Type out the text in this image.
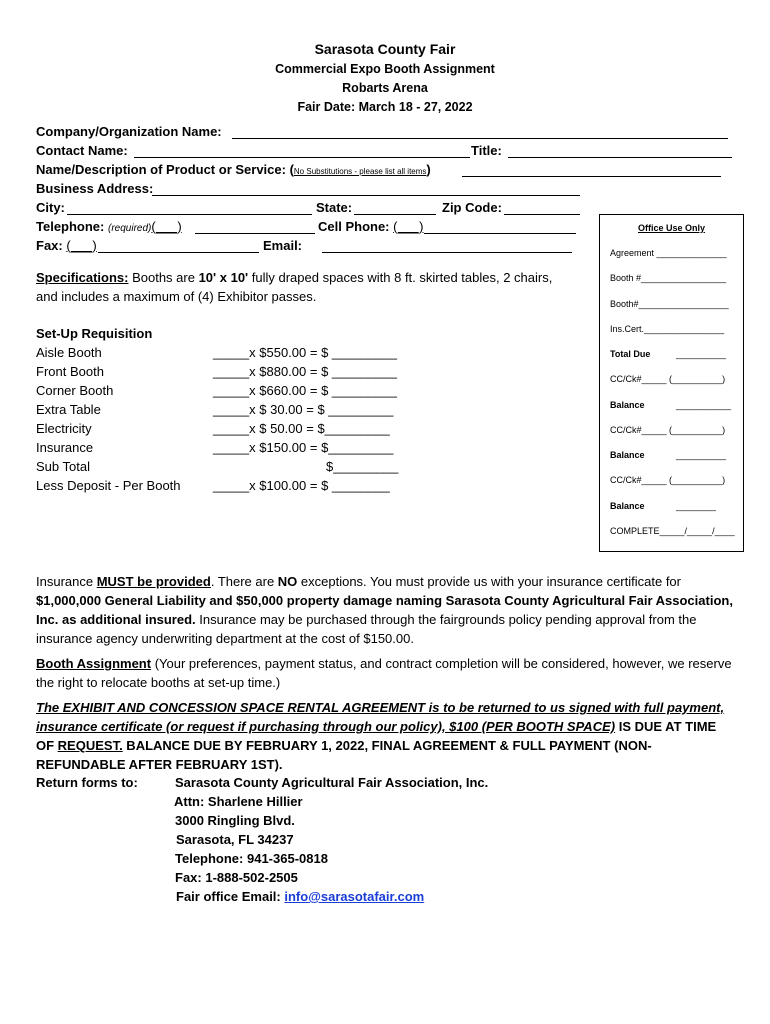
Sarasota County Fair
Commercial Expo Booth Assignment
Robarts Arena
Fair Date: March 18 - 27, 2022
Company/Organization Name:
Contact Name:	Title:
Name/Description of Product or Service: (No Substitutions - please list all items)
Business Address:
City:	State:	Zip Code:
Telephone: (required)(___)	Cell Phone: (___)
Fax: (___)	Email:
Specifications: Booths are 10' x 10' fully draped spaces with 8 ft. skirted tables, 2 chairs,
and includes a maximum of (4) Exhibitor passes.
Set-Up Requisition
Aisle Booth	_____x $550.00 = $ _________
Front Booth	_____x $880.00 = $ _________
Corner Booth	_____x $660.00 = $ _________
Extra Table	_____x $ 30.00 = $ _________
Electricity	_____x $ 50.00 = $_________
Insurance	_____x $150.00 = $_________
Sub Total	$_________
Less Deposit - Per Booth _____x $100.00 = $ ________
Office Use Only
Agreement ______________
Booth #_________________
Booth#__________________
Ins.Cert.________________
Total Due	__________
CC/Ck#_____ (__________)
Balance	___________
CC/Ck#_____ (__________)
Balance	__________
CC/Ck#_____ (__________)
Balance	________
COMPLETE_____/_____/____
Insurance MUST be provided. There are NO exceptions. You must provide us with your insurance certificate for $1,000,000 General Liability and $50,000 property damage naming Sarasota County Agricultural Fair Association, Inc. as additional insured. Insurance may be purchased through the fairgrounds policy pending approval from the insurance agency underwriting department at the cost of $150.00.
Booth Assignment (Your preferences, payment status, and contract completion will be considered, however, we reserve the right to relocate booths at set-up time.)
The EXHIBIT AND CONCESSION SPACE RENTAL AGREEMENT is to be returned to us signed with full payment, insurance certificate (or request if purchasing through our policy), $100 (PER BOOTH SPACE) IS DUE AT TIME OF REQUEST. BALANCE DUE BY FEBRUARY 1, 2022, FINAL AGREEMENT & FULL PAYMENT (NON- REFUNDABLE AFTER FEBRUARY 1ST).
Return forms to:	Sarasota County Agricultural Fair Association, Inc.
Attn: Sharlene Hillier
3000 Ringling Blvd.
Sarasota, FL 34237
Telephone: 941-365-0818
Fax: 1-888-502-2505
Fair office Email: info@sarasotafair.com
